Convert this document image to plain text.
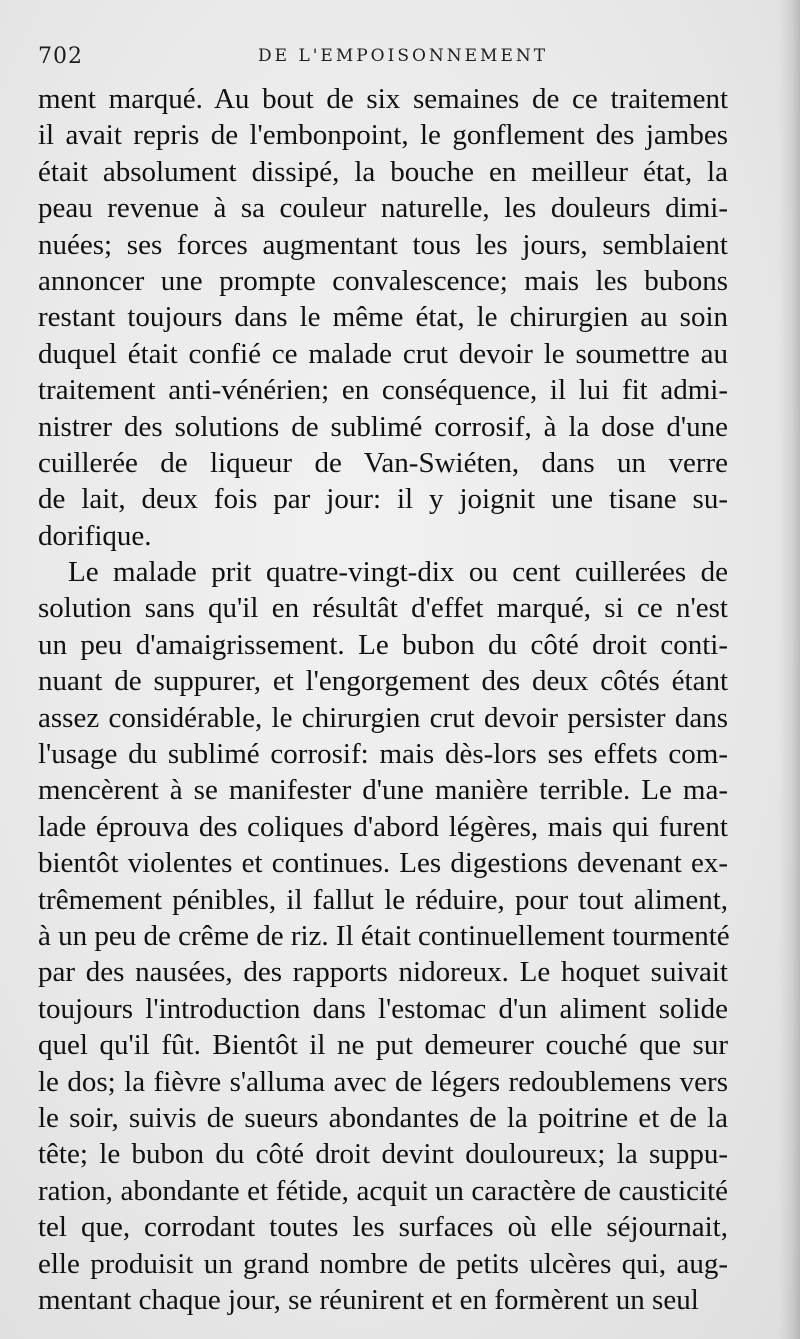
702	DE L'EMPOISONNEMENT
ment marqué. Au bout de six semaines de ce traitement
il avait repris de l'embonpoint, le gonflement des jambes
était absolument dissipé, la bouche en meilleur état, la
peau revenue à sa couleur naturelle, les douleurs dimi-
nuées; ses forces augmentant tous les jours, semblaient
annoncer une prompte convalescence; mais les bubons
restant toujours dans le même état, le chirurgien au soin
duquel était confié ce malade crut devoir le soumettre au
traitement anti-vénérien; en conséquence, il lui fit admi-
nistrer des solutions de sublimé corrosif, à la dose d'une
cuillerée de liqueur de Van-Swiéten, dans un verre
de lait, deux fois par jour: il y joignit une tisane su-
dorifique.
Le malade prit quatre-vingt-dix ou cent cuillerées de
solution sans qu'il en résultât d'effet marqué, si ce n'est
un peu d'amaigrissement. Le bubon du côté droit conti-
nuant de suppurer, et l'engorgement des deux côtés étant
assez considérable, le chirurgien crut devoir persister dans
l'usage du sublimé corrosif: mais dès-lors ses effets com-
mencèrent à se manifester d'une manière terrible. Le ma-
lade éprouva des coliques d'abord légères, mais qui furent
bientôt violentes et continues. Les digestions devenant ex-
trêmement pénibles, il fallut le réduire, pour tout aliment,
à un peu de crême de riz. Il était continuellement tourmenté
par des nausées, des rapports nidoreux. Le hoquet suivait
toujours l'introduction dans l'estomac d'un aliment solide
quel qu'il fût. Bientôt il ne put demeurer couché que sur
le dos; la fièvre s'alluma avec de légers redoublemens vers
le soir, suivis de sueurs abondantes de la poitrine et de la
tête; le bubon du côté droit devint douloureux; la suppu-
ration, abondante et fétide, acquit un caractère de causticité
tel que, corrodant toutes les surfaces où elle séjournait,
elle produisit un grand nombre de petits ulcères qui, aug-
mentant chaque jour, se réunirent et en formèrent un seul
